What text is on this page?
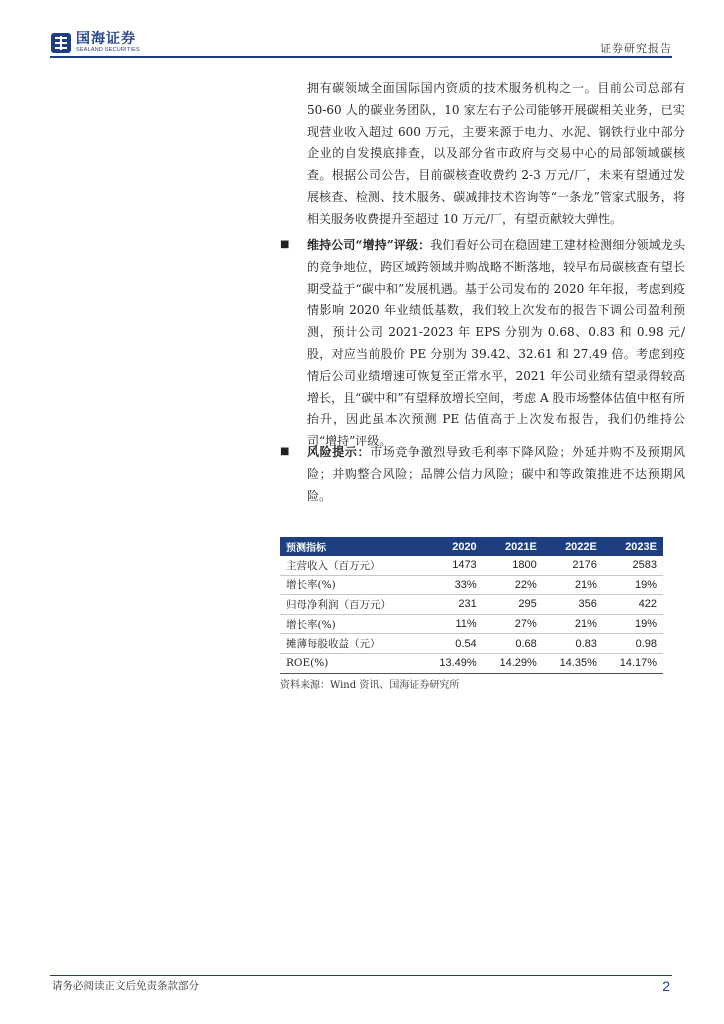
国海证券
SEALAND SECURITIES	证券研究报告
拥有碳领域全面国际国内资质的技术服务机构之一。目前公司总部有50-60 人的碳业务团队，10 家左右子公司能够开展碳相关业务，已实现营业收入超过 600 万元，主要来源于电力、水泥、钢铁行业中部分企业的自发摸底排查，以及部分省市政府与交易中心的局部领域碳核查。根据公司公告，目前碳核查收费约 2-3 万元/厂，未来有望通过发展核查、检测、技术服务、碳减排技术咨询等“一条龙”管家式服务，将相关服务收费提升至超过 10 万元/厂，有望贡献较大弹性。
■ 维持公司“增持”评级：我们看好公司在稳固建工建材检测细分领域龙头的竞争地位，跨区域跨领域并购战略不断落地，较早布局碳核查有望长期受益于“碳中和”发展机遇。基于公司发布的 2020 年年报，考虑到疫情影响 2020 年业绩低基数，我们较上次发布的报告下调公司盈利预测，预计公司 2021-2023 年 EPS 分别为 0.68、0.83 和 0.98 元/股，对应当前股价 PE 分别为 39.42、32.61 和 27.49 倍。考虑到疫情后公司业绩增速可恢复至正常水平，2021 年公司业绩有望录得较高增长，且“碳中和”有望释放增长空间，考虑 A 股市场整体估值中枢有所抬升，因此虽本次预测 PE 估值高于上次发布报告，我们仍维持公司“增持”评级。
■ 风险提示：市场竞争激烈导致毛利率下降风险；外延并购不及预期风险；并购整合风险；品牌公信力风险；碳中和等政策推进不达预期风险。
预测指标	2020	2021E	2022E	2023E
主营收入（百万元）	1473	1800	2176	2583
增长率(%)	33%	22%	21%	19%
归母净利润（百万元）	231	295	356	422
增长率(%)	11%	27%	21%	19%
摊薄每股收益（元）	0.54	0.68	0.83	0.98
ROE(%)	13.49%	14.29%	14.35%	14.17%
资料来源：Wind 资讯、国海证券研究所
请务必阅读正文后免责条款部分	2
